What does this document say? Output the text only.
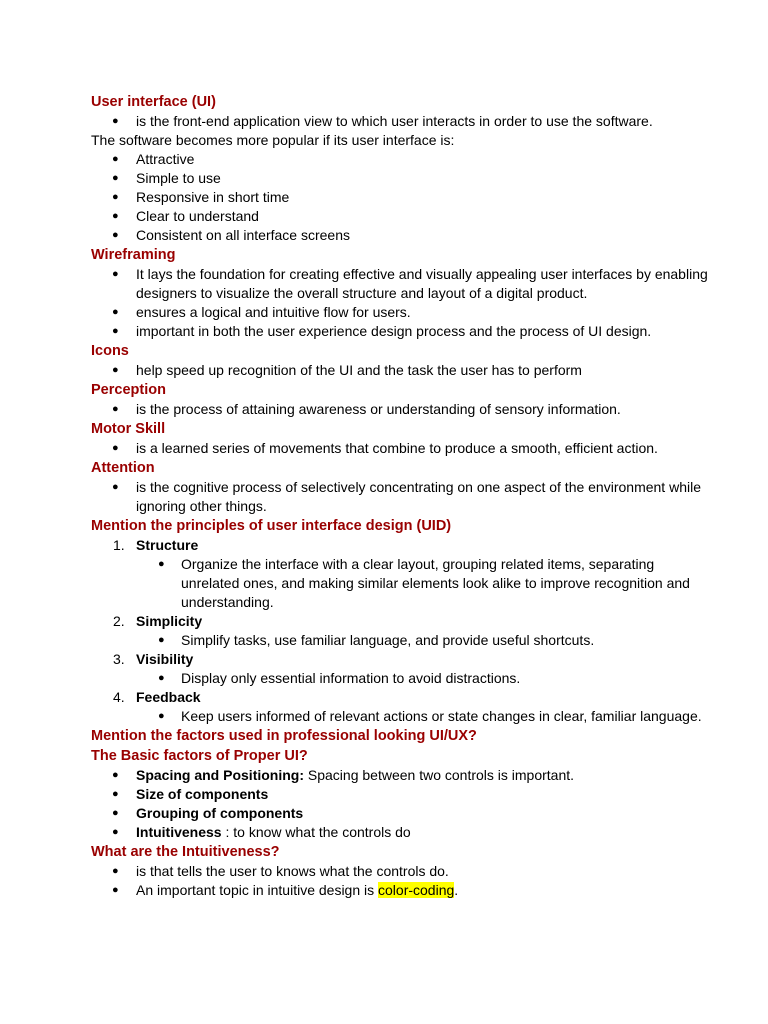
User interface (UI)
● is the front-end application view to which user interacts in order to use the software.
The software becomes more popular if its user interface is:
● Attractive
● Simple to use
● Responsive in short time
● Clear to understand
● Consistent on all interface screens
Wireframing
● It lays the foundation for creating effective and visually appealing user interfaces by enabling designers to visualize the overall structure and layout of a digital product.
● ensures a logical and intuitive flow for users.
● important in both the user experience design process and the process of UI design.
Icons
● help speed up recognition of the UI and the task the user has to perform
Perception
● is the process of attaining awareness or understanding of sensory information.
Motor Skill
● is a learned series of movements that combine to produce a smooth, efficient action.
Attention
● is the cognitive process of selectively concentrating on one aspect of the environment while ignoring other things.
Mention the principles of user interface design (UID)
1. Structure
● Organize the interface with a clear layout, grouping related items, separating unrelated ones, and making similar elements look alike to improve recognition and understanding.
2. Simplicity
● Simplify tasks, use familiar language, and provide useful shortcuts.
3. Visibility
● Display only essential information to avoid distractions.
4. Feedback
● Keep users informed of relevant actions or state changes in clear, familiar language.
Mention the factors used in professional looking UI/UX?
The Basic factors of Proper UI?
● Spacing and Positioning: Spacing between two controls is important.
● Size of components
● Grouping of components
● Intuitiveness : to know what the controls do
What are the Intuitiveness?
● is that tells the user to knows what the controls do.
● An important topic in intuitive design is color-coding.
